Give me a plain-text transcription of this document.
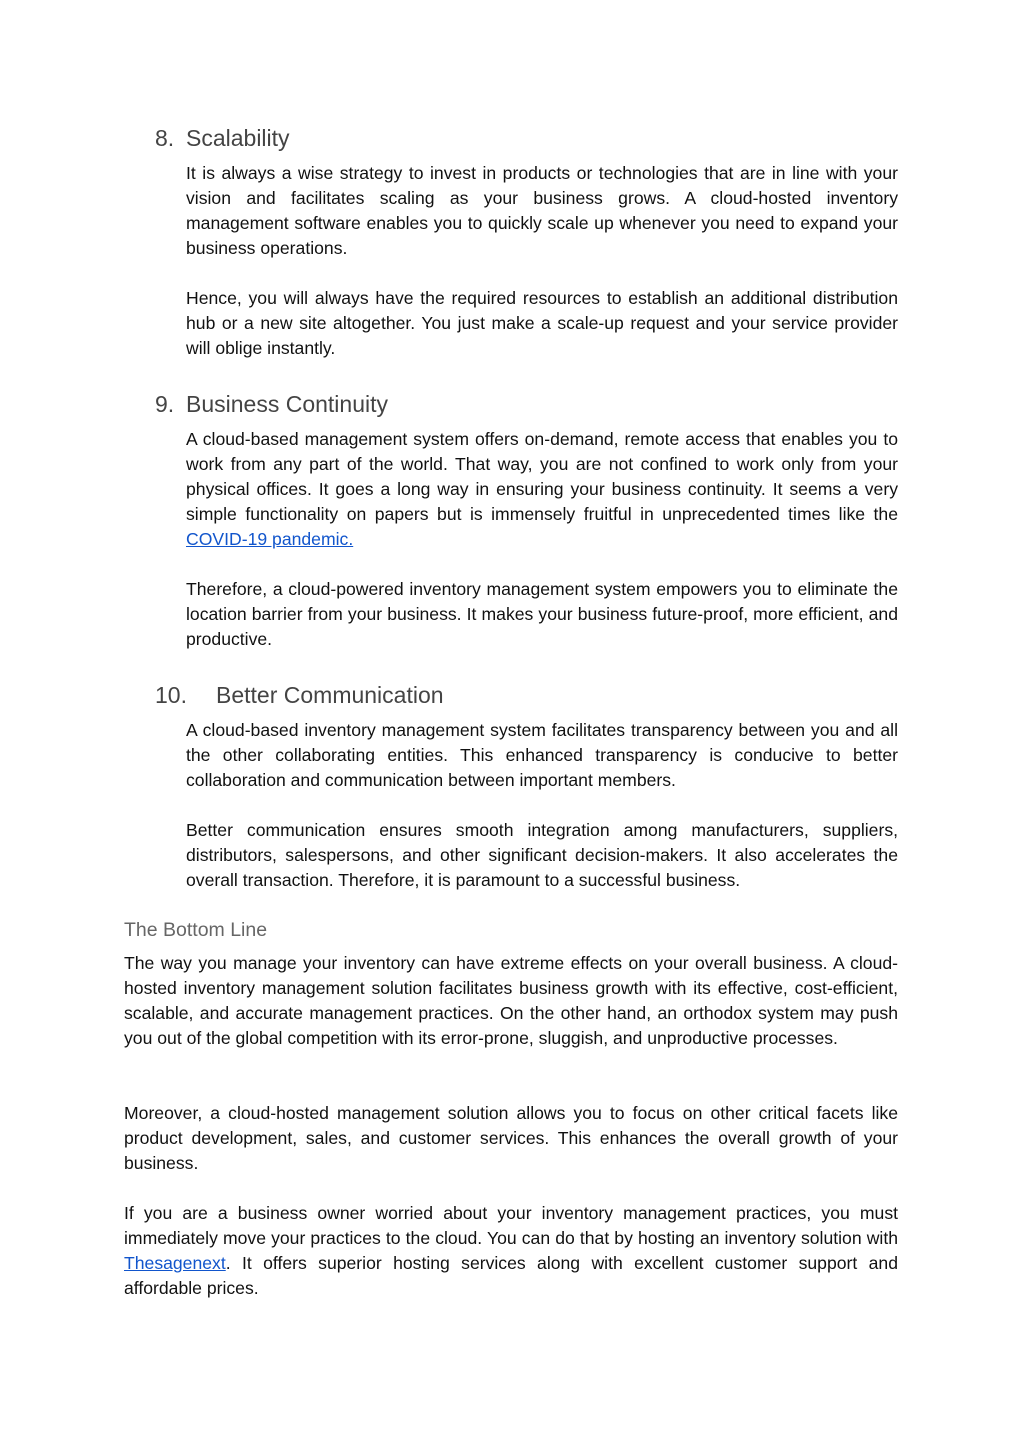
8. Scalability

It is always a wise strategy to invest in products or technologies that are in line with your vision and facilitates scaling as your business grows. A cloud-hosted inventory management software enables you to quickly scale up whenever you need to expand your business operations.

Hence, you will always have the required resources to establish an additional distribution hub or a new site altogether. You just make a scale-up request and your service provider will oblige instantly.

9. Business Continuity

A cloud-based management system offers on-demand, remote access that enables you to work from any part of the world. That way, you are not confined to work only from your physical offices. It goes a long way in ensuring your business continuity. It seems a very simple functionality on papers but is immensely fruitful in unprecedented times like the COVID-19 pandemic.

Therefore, a cloud-powered inventory management system empowers you to eliminate the location barrier from your business. It makes your business future-proof, more efficient, and productive.

10. Better Communication

A cloud-based inventory management system facilitates transparency between you and all the other collaborating entities. This enhanced transparency is conducive to better collaboration and communication between important members.

Better communication ensures smooth integration among manufacturers, suppliers, distributors, salespersons, and other significant decision-makers. It also accelerates the overall transaction. Therefore, it is paramount to a successful business.

The Bottom Line

The way you manage your inventory can have extreme effects on your overall business. A cloud-hosted inventory management solution facilitates business growth with its effective, cost-efficient, scalable, and accurate management practices. On the other hand, an orthodox system may push you out of the global competition with its error-prone, sluggish, and unproductive processes.

Moreover, a cloud-hosted management solution allows you to focus on other critical facets like product development, sales, and customer services. This enhances the overall growth of your business.

If you are a business owner worried about your inventory management practices, you must immediately move your practices to the cloud. You can do that by hosting an inventory solution with Thesagenext. It offers superior hosting services along with excellent customer support and affordable prices.
